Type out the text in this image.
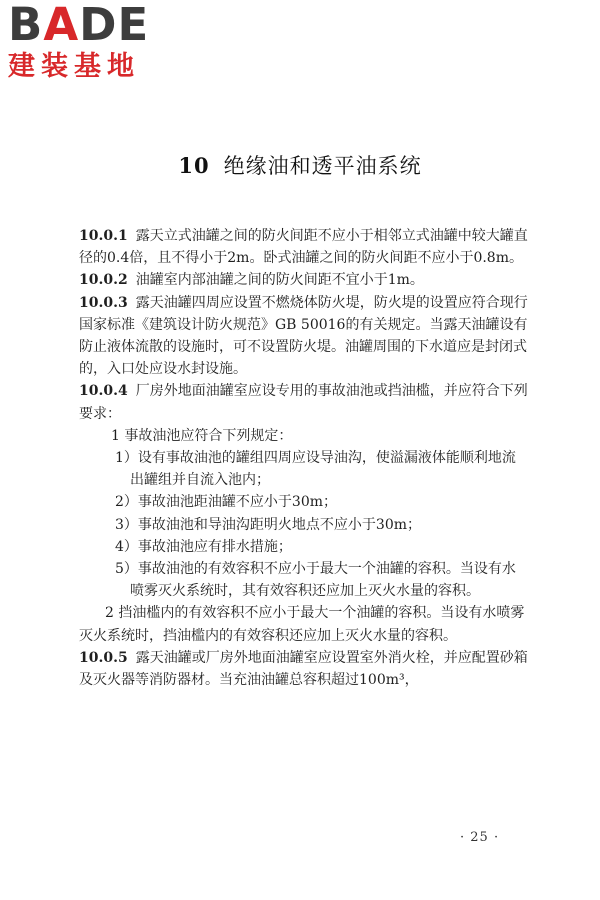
BADE
建装基地
10 绝缘油和透平油系统

10.0.1 露天立式油罐之间的防火间距不应小于相邻立式油罐中较大罐直径的0.4倍，且不得小于2m。卧式油罐之间的防火间距不应小于0.8m。

10.0.2 油罐室内部油罐之间的防火间距不宜小于1m。

10.0.3 露天油罐四周应设置不燃烧体防火堤，防火堤的设置应符合现行国家标准《建筑设计防火规范》GB 50016的有关规定。当露天油罐设有防止液体流散的设施时，可不设置防火堤。油罐周围的下水道应是封闭式的，入口处应设水封设施。

10.0.4 厂房外地面油罐室应设专用的事故油池或挡油槛，并应符合下列要求：

1 事故油池应符合下列规定：

1）设有事故油池的罐组四周应设导油沟，使溢漏液体能顺利地流出罐组并自流入池内；

2）事故油池距油罐不应小于30m；

3）事故油池和导油沟距明火地点不应小于30m；

4）事故油池应有排水措施；

5）事故油池的有效容积不应小于最大一个油罐的容积。当设有水喷雾灭火系统时，其有效容积还应加上灭火水量的容积。

2 挡油槛内的有效容积不应小于最大一个油罐的容积。当设有水喷雾灭火系统时，挡油槛内的有效容积还应加上灭火水量的容积。

10.0.5 露天油罐或厂房外地面油罐室应设置室外消火栓，并应配置砂箱及灭火器等消防器材。当充油油罐总容积超过100m³，

· 25 ·
